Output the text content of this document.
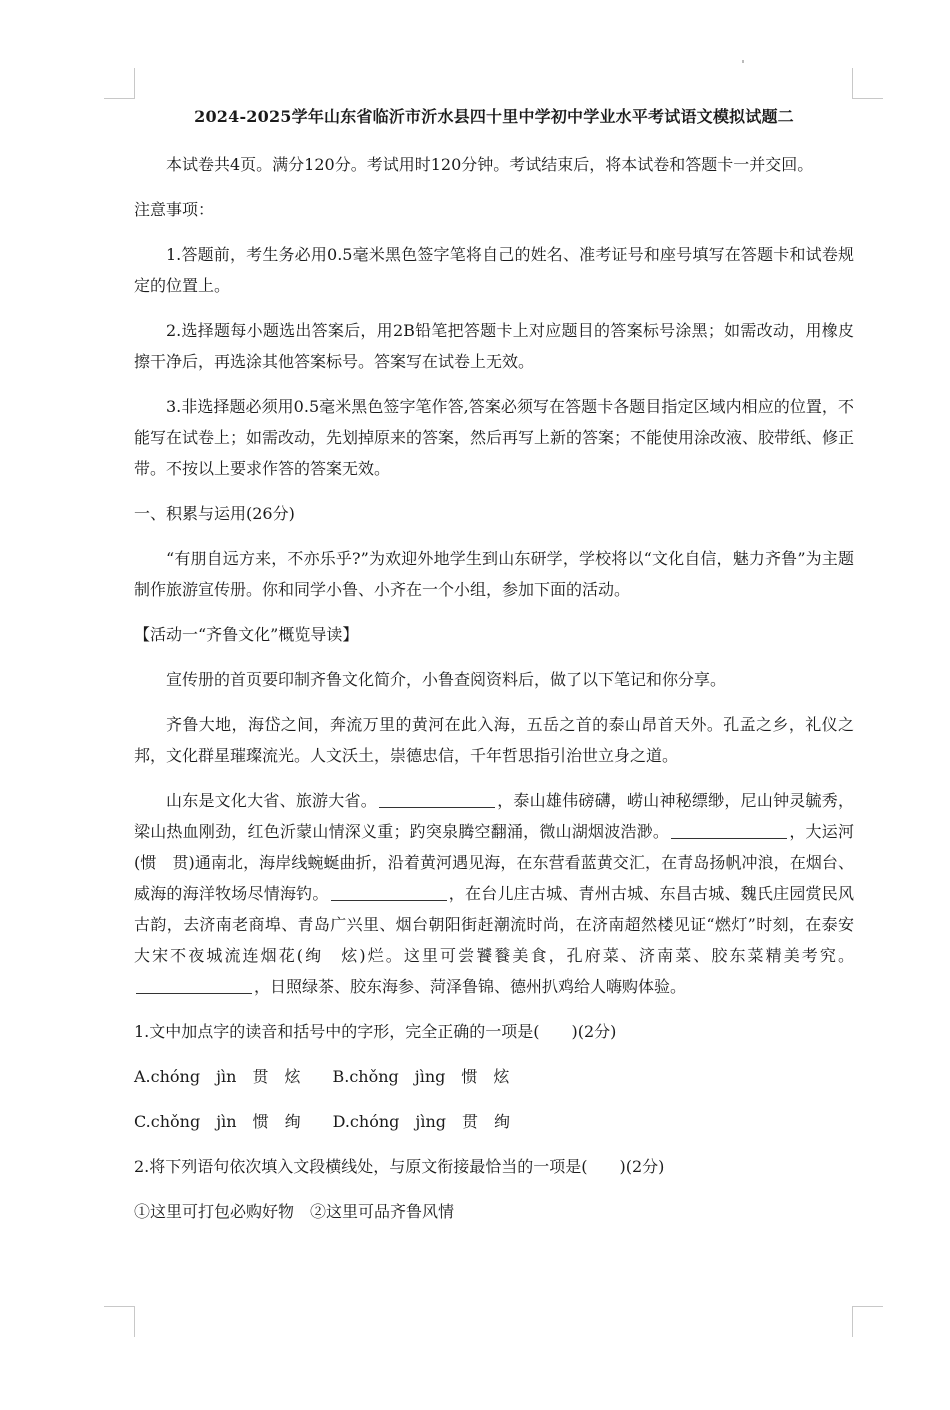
2024-2025学年山东省临沂市沂水县四十里中学初中学业水平考试语文模拟试题二

本试卷共4页。满分120分。考试用时120分钟。考试结束后，将本试卷和答题卡一并交回。

注意事项：

1.答题前，考生务必用0.5毫米黑色签字笔将自己的姓名、准考证号和座号填写在答题卡和试卷规定的位置上。

2.选择题每小题选出答案后，用2B铅笔把答题卡上对应题目的答案标号涂黑；如需改动，用橡皮擦干净后，再选涂其他答案标号。答案写在试卷上无效。

3.非选择题必须用0.5毫米黑色签字笔作答,答案必须写在答题卡各题目指定区域内相应的位置，不能写在试卷上；如需改动，先划掉原来的答案，然后再写上新的答案；不能使用涂改液、胶带纸、修正带。不按以上要求作答的答案无效。

一、积累与运用(26分)

“有朋自远方来，不亦乐乎?”为欢迎外地学生到山东研学，学校将以“文化自信，魅力齐鲁”为主题制作旅游宣传册。你和同学小鲁、小齐在一个小组，参加下面的活动。

【活动一“齐鲁文化”概览导读】

宣传册的首页要印制齐鲁文化简介，小鲁查阅资料后，做了以下笔记和你分享。

齐鲁大地，海岱之间，奔流万里的黄河在此入海，五岳之首的泰山昂首天外。孔孟之乡，礼仪之邦，文化群星璀璨流光。人文沃土，崇德忠信，千年哲思指引治世立身之道。

山东是文化大省、旅游大省。	，泰山雄伟磅礴，崂山神秘缥缈，尼山钟灵毓秀，梁山热血刚劲，红色沂蒙山情深义重；趵突泉腾空翻涌，微山湖烟波浩渺。	，大运河(惯　贯)通南北，海岸线蜿蜒曲折，沿着黄河遇见海，在东营看蓝黄交汇，在青岛扬帆冲浪，在烟台、威海的海洋牧场尽情海钓。	，在台儿庄古城、青州古城、东昌古城、魏氏庄园赏民风古韵，去济南老商埠、青岛广兴里、烟台朝阳街赶潮流时尚，在济南超然楼见证“燃灯”时刻，在泰安大宋不夜城流连烟花(绚　炫)烂。这里可尝饕餮美食，孔府菜、济南菜、胶东菜精美考究。，日照绿茶、胶东海参、菏泽鲁锦、德州扒鸡给人嗨购体验。

1.文中加点字的读音和括号中的字形，完全正确的一项是(　　)(2分)

A.chóng　jìn　贯　炫　　B.chǒng　jìng　惯　炫

C.chǒng　jìn　惯　绚　　D.chóng　jìng　贯　绚

2.将下列语句依次填入文段横线处，与原文衔接最恰当的一项是(　　)(2分)

①这里可打包必购好物　②这里可品齐鲁风情
